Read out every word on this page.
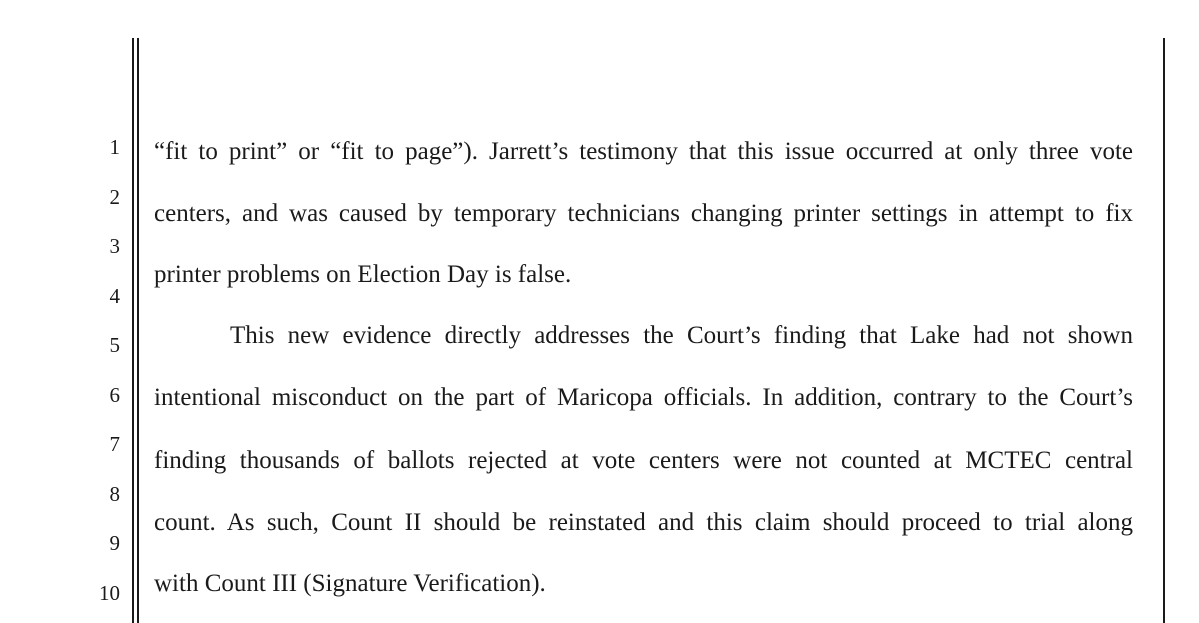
1
2
3
4
5
6
7
8
9
10
“fit to print” or “fit to page”). Jarrett’s testimony that this issue occurred at only three vote
centers, and was caused by temporary technicians changing printer settings in attempt to fix
printer problems on Election Day is false.
This new evidence directly addresses the Court’s finding that Lake had not shown
intentional misconduct on the part of Maricopa officials. In addition, contrary to the Court’s
finding thousands of ballots rejected at vote centers were not counted at MCTEC central
count. As such, Count II should be reinstated and this claim should proceed to trial along
with Count III (Signature Verification).
